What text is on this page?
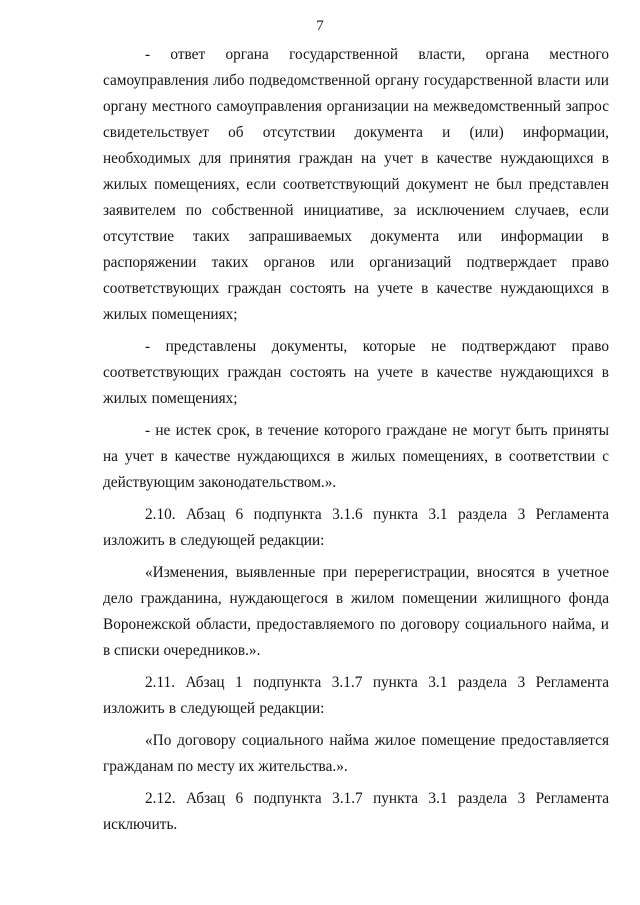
7

- ответ органа государственной власти, органа местного самоуправления либо подведомственной органу государственной власти или органу местного самоуправления организации на межведомственный запрос свидетельствует об отсутствии документа и (или) информации, необходимых для принятия граждан на учет в качестве нуждающихся в жилых помещениях, если соответствующий документ не был представлен заявителем по собственной инициативе, за исключением случаев, если отсутствие таких запрашиваемых документа или информации в распоряжении таких органов или организаций подтверждает право соответствующих граждан состоять на учете в качестве нуждающихся в жилых помещениях;

- представлены документы, которые не подтверждают право соответствующих граждан состоять на учете в качестве нуждающихся в жилых помещениях;

- не истек срок, в течение которого граждане не могут быть приняты на учет в качестве нуждающихся в жилых помещениях, в соответствии с действующим законодательством.».

2.10. Абзац 6 подпункта 3.1.6 пункта 3.1 раздела 3 Регламента изложить в следующей редакции:

«Изменения, выявленные при перерегистрации, вносятся в учетное дело гражданина, нуждающегося в жилом помещении жилищного фонда Воронежской области, предоставляемого по договору социального найма, и в списки очередников.».

2.11. Абзац 1 подпункта 3.1.7 пункта 3.1 раздела 3 Регламента изложить в следующей редакции:

«По договору социального найма жилое помещение предоставляется гражданам по месту их жительства.».

2.12. Абзац 6 подпункта 3.1.7 пункта 3.1 раздела 3 Регламента исключить.
